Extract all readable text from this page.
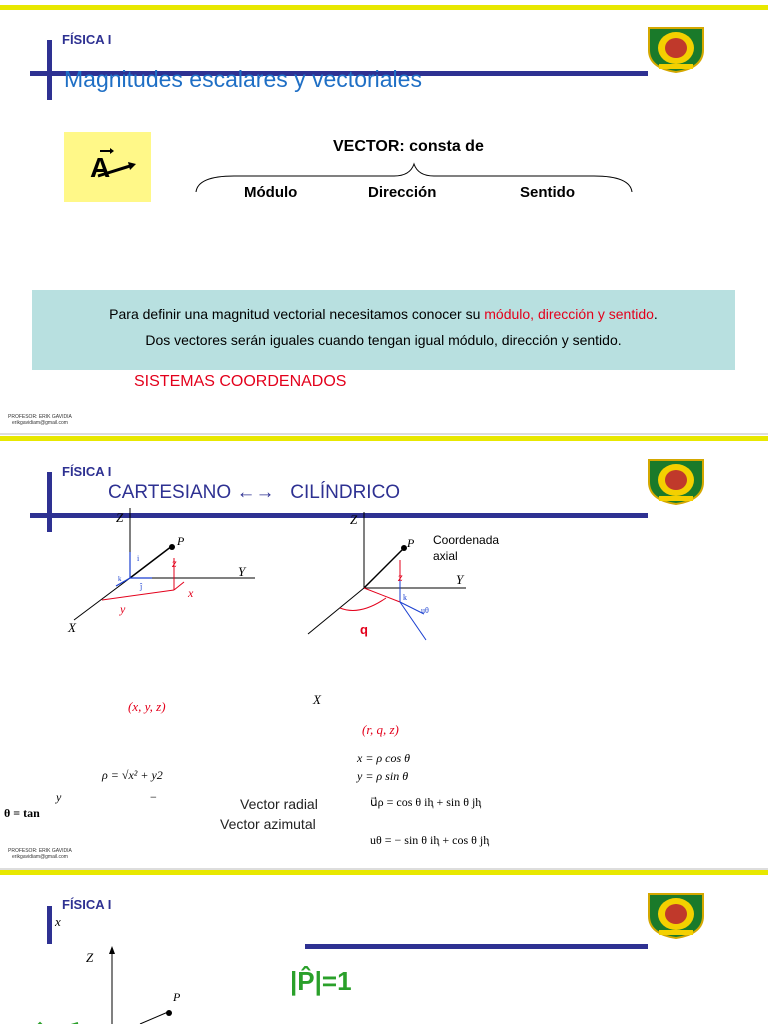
FÍSICA I
Magnitudes escalares y vectoriales
A
VECTOR: consta de
Módulo	Dirección	Sentido
Para definir una magnitud vectorial necesitamos conocer su módulo, dirección y sentido.
Dos vectores serán iguales cuando tengan igual módulo, dirección y sentido.
SISTEMAS COORDENADOS
PROFESOR: ERIK GAVIDIA
erikgavidiam@gmail.com
FÍSICA I
CARTESIANO ←→   CILÍNDRICO
Z
Y
X
P
z
y
x
i
ĵ
k
Z
Y
P
z
q
k
uθ
Coordenada axial
X
(x, y, z)
(r, q, z)
x = ρ cos θ
y = ρ sin θ
ρ = √x² + y2
−
y
θ = tan
Vector radial
Vector azimutal
u⃗ρ = cos θ iⱨ + sin θ jⱨ
uθ = − sin θ iⱨ + cos θ jⱨ
PROFESOR: ERIK GAVIDIA
erikgavidiam@gmail.com
FÍSICA I
x
Z
P
|P̂|=1
